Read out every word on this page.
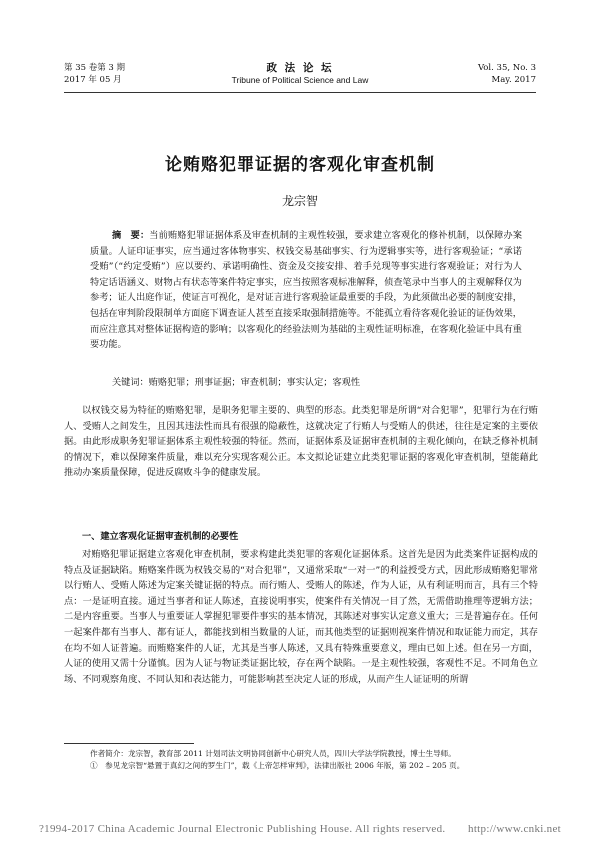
第 35 卷第 3 期
2017 年 05 月
政 法 论 坛
Tribune of Political Science and Law
Vol. 35, No. 3
May. 2017
论贿赂犯罪证据的客观化审查机制
龙宗智
摘　要：当前贿赂犯罪证据体系及审查机制的主观性较强，要求建立客观化的修补机制，以保障办案质量。人证印证事实，应当通过客体物事实、权钱交易基础事实、行为逻辑事实等，进行客观验证；“承诺受贿”（“约定受贿”）应以要约、承诺明确性、资金及交接安排、着手兑现等事实进行客观验证；对行为人特定话语涵义、财物占有状态等案件特定事实，应当按照客观标准解释，侦查笔录中当事人的主观解释仅为参考；证人出庭作证，使证言可视化，是对证言进行客观验证最重要的手段，为此须做出必要的制度安排，包括在审判阶段限制单方面庭下调查证人甚至直接采取强制措施等。不能孤立看待客观化验证的证伪效果，而应注意其对整体证据构造的影响；以客观化的经验法则为基础的主观性证明标准，在客观化验证中具有重要功能。
关键词：贿赂犯罪；刑事证据；审查机制；事实认定；客观性
以权钱交易为特征的贿赂犯罪，是职务犯罪主要的、典型的形态。此类犯罪是所谓“对合犯罪”，犯罪行为在行贿人、受贿人之间发生，且因其违法性而具有很强的隐蔽性，这就决定了行贿人与受贿人的供述，往往是定案的主要依据。由此形成职务犯罪证据体系主观性较强的特征。然而，证据体系及证据审查机制的主观化倾向，在缺乏修补机制的情况下，难以保障案件质量，难以充分实现客观公正。本文拟论证建立此类犯罪证据的客观化审查机制，望能藉此推动办案质量保障，促进反腐败斗争的健康发展。
一、建立客观化证据审查机制的必要性
对贿赂犯罪证据建立客观化审查机制，要求构建此类犯罪的客观化证据体系。这首先是因为此类案件证据构成的特点及证据缺陷。贿赂案件既为权钱交易的“对合犯罪”，又通常采取“一对一”的利益授受方式，因此形成贿赂犯罪常以行贿人、受贿人陈述为定案关键证据的特点。而行贿人、受贿人的陈述，作为人证，从有利证明而言，具有三个特点：一是证明直接。通过当事者和证人陈述，直接说明事实，使案件有关情况一目了然，无需借助推理等逻辑方法；二是内容重要。当事人与重要证人掌握犯罪要件事实的基本情况，其陈述对事实认定意义重大；三是普遍存在。任何一起案件都有当事人、都有证人，都能找到相当数量的人证，而其他类型的证据则视案件情况和取证能力而定，其存在均不如人证普遍。而贿赂案件的人证，尤其是当事人陈述，又具有特殊重要意义，理由已如上述。但在另一方面，人证的使用又需十分谨慎。因为人证与物证类证据比较，存在两个缺陷。一是主观性较强，客观性不足。不同角色立场、不同观察角度、不同认知和表达能力，可能影响甚至决定人证的形成，从而产生人证证明的所谓
作者简介：龙宗智，教育部 2011 计划司法文明协同创新中心研究人员，四川大学法学院教授，博士生导师。
①　参见龙宗智“悬置于真幻之间的罗生门”，载《上帝怎样审判》，法律出版社 2006 年版，第 202 – 205 页。
?1994-2017 China Academic Journal Electronic Publishing House. All rights reserved.　　http://www.cnki.net
